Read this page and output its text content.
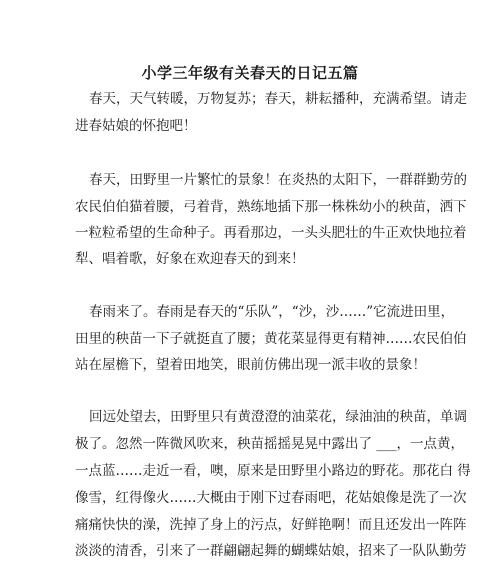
小学三年级有关春天的日记五篇
春天，天气转暖，万物复苏；春天，耕耘播种，充满希望。请走
进春姑娘的怀抱吧！
春天，田野里一片繁忙的景象！在炎热的太阳下，一群群勤劳的
农民伯伯猫着腰，弓着背，熟练地插下那一株株幼小的秧苗，洒下
一粒粒希望的生命种子。再看那边，一头头肥壮的牛正欢快地拉着
犁、唱着歌，好象在欢迎春天的到来！
春雨来了。春雨是春天的“乐队”，“沙，沙……”它流进田里，
田里的秧苗一下子就挺直了腰；黄花菜显得更有精神……农民伯伯
站在屋檐下，望着田地笑，眼前仿佛出现一派丰收的景象！
回远处望去，田野里只有黄澄澄的油菜花，绿油油的秧苗，单调
极了。忽然一阵微风吹来，秧苗摇摇晃晃中露出了 ___，一点黄，
一点蓝……走近一看，噢，原来是田野里小路边的野花。那花白 得
像雪，红得像火……大概由于刚下过春雨吧，花姑娘像是洗了一次
痛痛快快的澡，洗掉了身上的污点，好鲜艳啊！而且还发出一阵阵
淡淡的清香，引来了一群翩翩起舞的蝴蝶姑娘，招来了一队队勤劳
